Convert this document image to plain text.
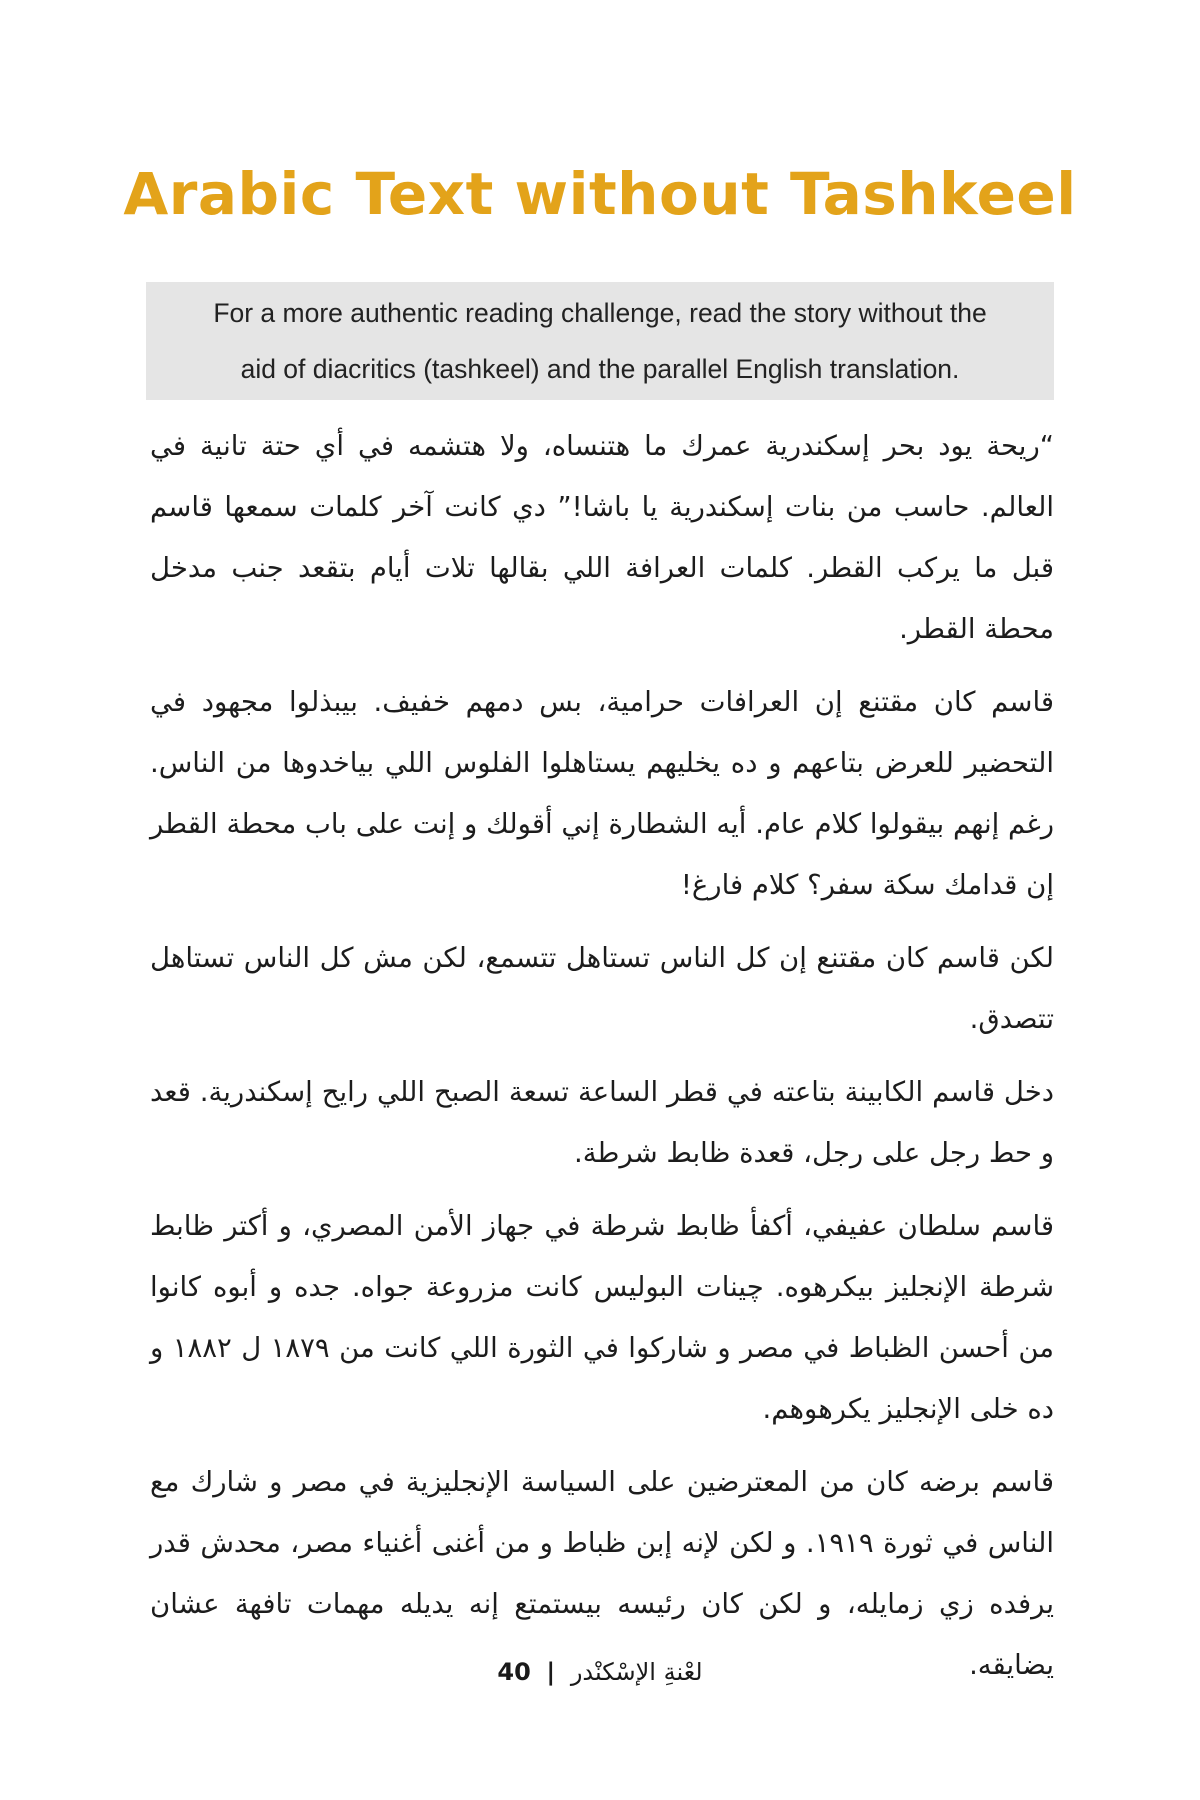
Arabic Text without Tashkeel
For a more authentic reading challenge, read the story without the
aid of diacritics (tashkeel) and the parallel English translation.

“ريحة يود بحر إسكندرية عمرك ما هتنساه، ولا هتشمه في أي حتة تانية في العالم. حاسب من بنات إسكندرية يا باشا!” دي كانت آخر كلمات سمعها قاسم قبل ما يركب القطر. كلمات العرافة اللي بقالها تلات أيام بتقعد جنب مدخل محطة القطر.

قاسم كان مقتنع إن العرافات حرامية، بس دمهم خفيف. بيبذلوا مجهود في التحضير للعرض بتاعهم و ده يخليهم يستاهلوا الفلوس اللي بياخدوها من الناس. رغم إنهم بيقولوا كلام عام. أيه الشطارة إني أقولك و إنت على باب محطة القطر إن قدامك سكة سفر؟ كلام فارغ!

لكن قاسم كان مقتنع إن كل الناس تستاهل تتسمع، لكن مش كل الناس تستاهل تتصدق.

دخل قاسم الكابينة بتاعته في قطر الساعة تسعة الصبح اللي رايح إسكندرية. قعد و حط رجل على رجل، قعدة ظابط شرطة.

قاسم سلطان عفيفي، أكفأ ظابط شرطة في جهاز الأمن المصري، و أكتر ظابط شرطة الإنجليز بيكرهوه. چينات البوليس كانت مزروعة جواه. جده و أبوه كانوا من أحسن الظباط في مصر و شاركوا في الثورة اللي كانت من ١٨٧٩ ل ١٨٨٢ و ده خلى الإنجليز يكرهوهم.

قاسم برضه كان من المعترضين على السياسة الإنجليزية في مصر و شارك مع الناس في ثورة ١٩١٩. و لكن لإنه إبن ظباط و من أغنى أغنياء مصر، محدش قدر يرفده زي زمايله، و لكن كان رئيسه بيستمتع إنه يديله مهمات تافهة عشان يضايقه.

40 | لعْنةِ الإسْكنْدر
